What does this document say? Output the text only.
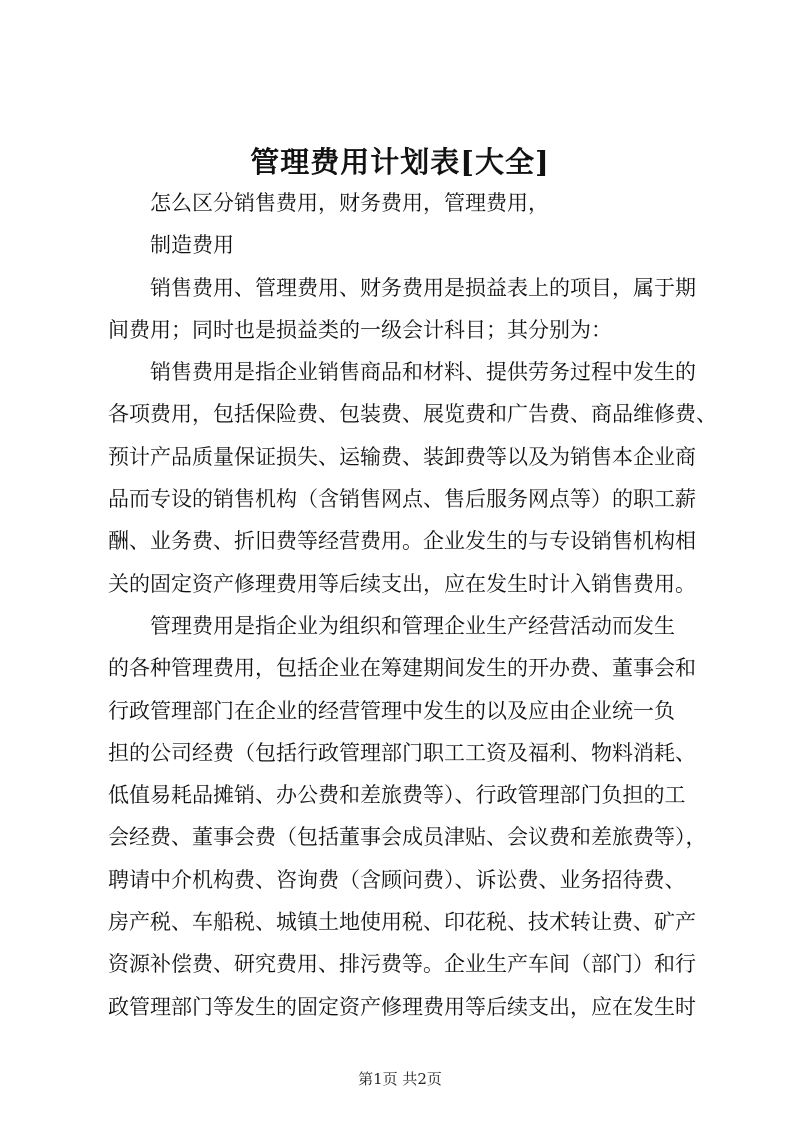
管理费用计划表[大全]
怎么区分销售费用，财务费用，管理费用，
制造费用
销售费用、管理费用、财务费用是损益表上的项目，属于期
间费用；同时也是损益类的一级会计科目；其分别为：
销售费用是指企业销售商品和材料、提供劳务过程中发生的
各项费用，包括保险费、包装费、展览费和广告费、商品维修费、
预计产品质量保证损失、运输费、装卸费等以及为销售本企业商
品而专设的销售机构（含销售网点、售后服务网点等）的职工薪
酬、业务费、折旧费等经营费用。企业发生的与专设销售机构相
关的固定资产修理费用等后续支出，应在发生时计入销售费用。
管理费用是指企业为组织和管理企业生产经营活动而发生
的各种管理费用，包括企业在筹建期间发生的开办费、董事会和
行政管理部门在企业的经营管理中发生的以及应由企业统一负
担的公司经费（包括行政管理部门职工工资及福利、物料消耗、
低值易耗品摊销、办公费和差旅费等）、行政管理部门负担的工
会经费、董事会费（包括董事会成员津贴、会议费和差旅费等），
聘请中介机构费、咨询费（含顾问费）、诉讼费、业务招待费、
房产税、车船税、城镇土地使用税、印花税、技术转让费、矿产
资源补偿费、研究费用、排污费等。企业生产车间（部门）和行
政管理部门等发生的固定资产修理费用等后续支出，应在发生时
第1页 共2页
